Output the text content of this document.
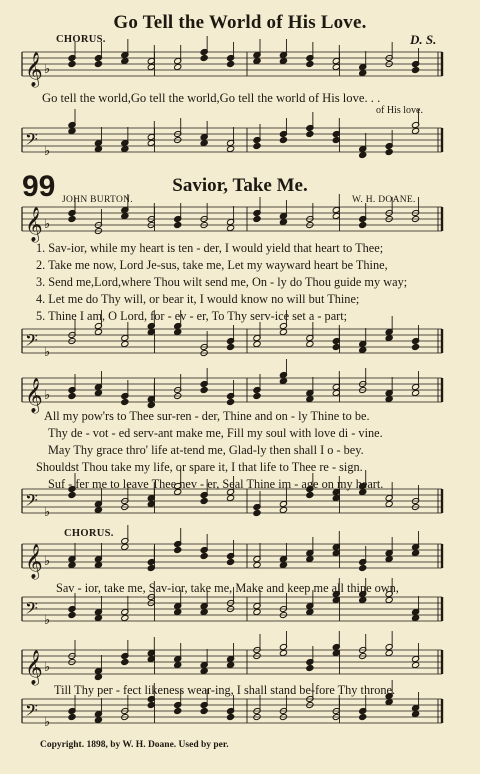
𝄞 ♭
𝄢 ♭
𝄞 ♭
𝄢 ♭
𝄞 ♭
𝄢 ♭
𝄞 ♭
𝄢 ♭
𝄞 ♭
𝄢 ♭
Go Tell the World of His Love.
CHORUS.	D. S.
Go tell the world,Go tell the world,Go tell the world of His love. . .
of His love.
99	Savior, Take Me.
JOHN BURTON.	W. H. DOANE.
1. Sav-ior, while my heart is ten - der, I would yield that heart to Thee;
2. Take me now, Lord Je-sus, take me, Let my wayward heart be Thine,
3. Send me,Lord,where Thou wilt send me, On - ly do Thou guide my way;
4. Let me do Thy will, or bear it, I would know no will but Thine;
5. Thine I am, O Lord, for - ev - er, To Thy serv-ice set a - part;
All my pow'rs to Thee sur-ren - der, Thine and on - ly Thine to be.
Thy de - vot - ed serv-ant make me, Fill my soul with love di - vine.
May Thy grace thro' life at-tend me, Glad-ly then shall I o - bey.
Shouldst Thou take my life, or spare it, I that life to Thee re - sign.
Suf - fer me to leave Thee nev - er, Seal Thine im - age on my heart.
CHORUS.
Sav - ior, take me, Sav-ior, take me, Make and keep me all thine own,
Till Thy per - fect likeness wear-ing, I shall stand be-fore Thy throne.
Copyright. 1898, by W. H. Doane. Used by per.
